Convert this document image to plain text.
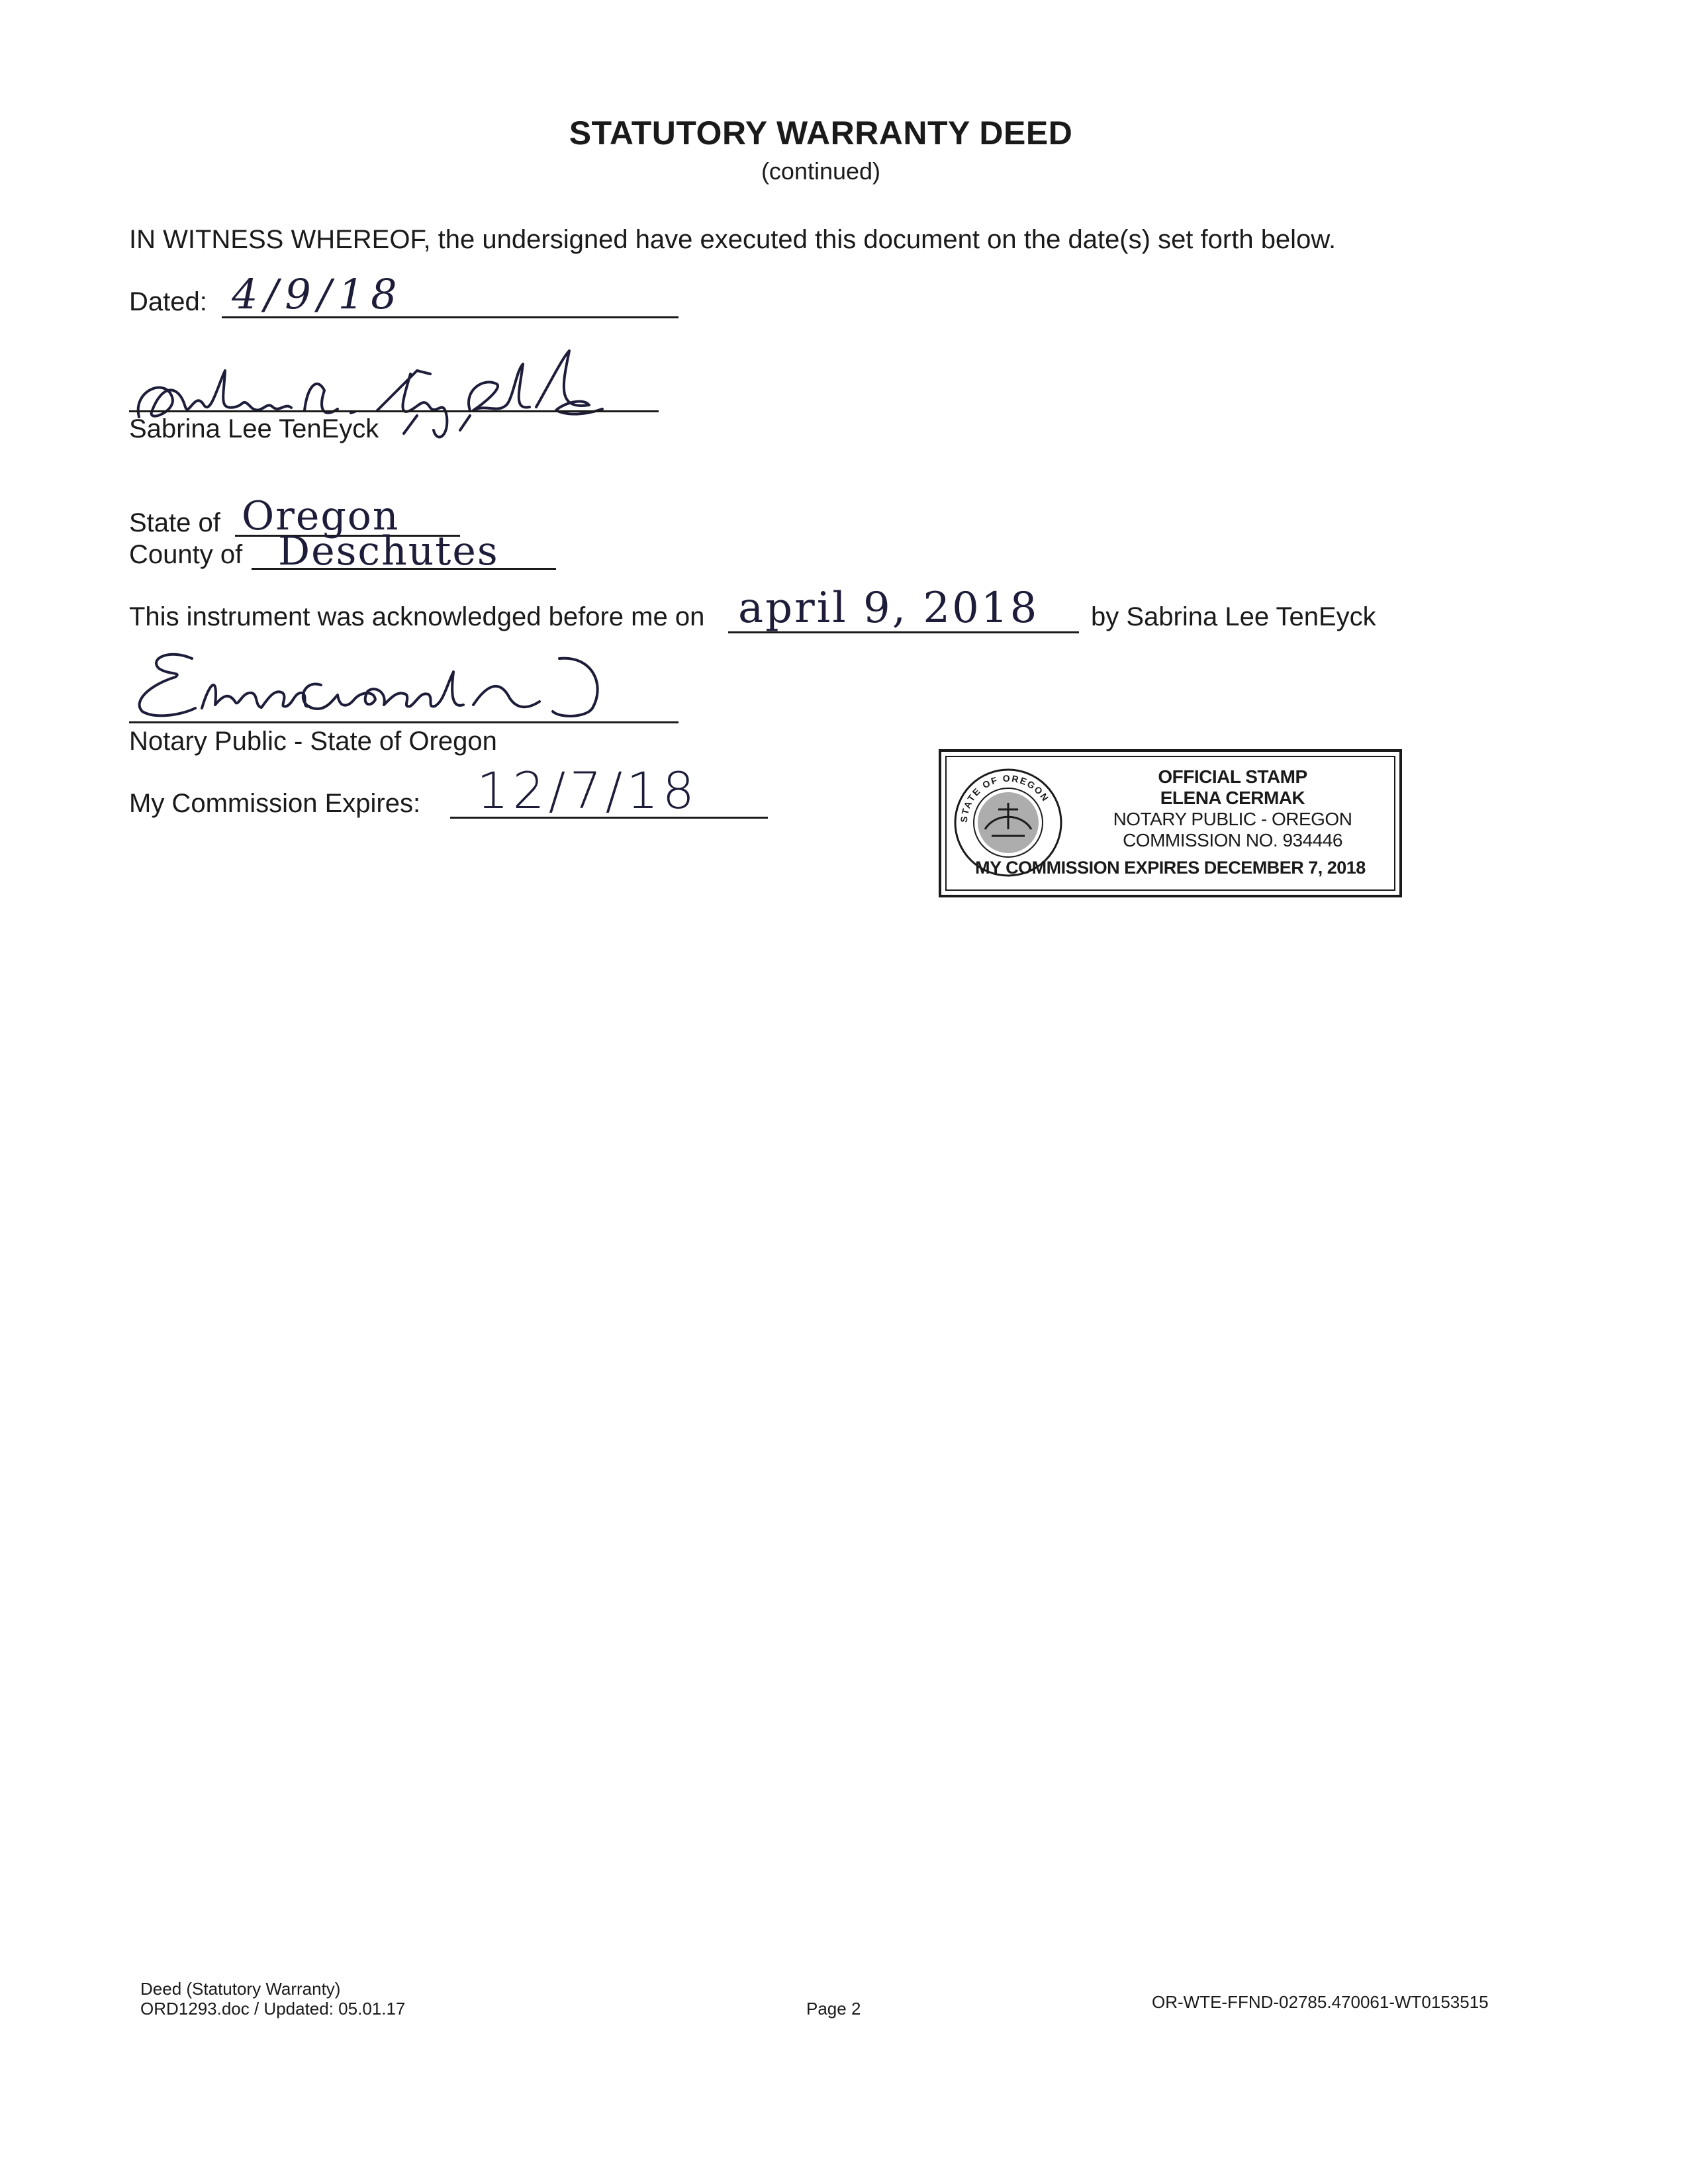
STATUTORY WARRANTY DEED
(continued)
IN WITNESS WHEREOF, the undersigned have executed this document on the date(s) set forth below.
Dated: 4/9/18
Sabrina Lee TenEyck
State of Oregon
County of Deschutes
This instrument was acknowledged before me on april 9, 2018 by Sabrina Lee TenEyck
Notary Public - State of Oregon
My Commission Expires: 12/7/18	STATE OF OREGON
OFFICIAL STAMP
ELENA CERMAK
NOTARY PUBLIC - OREGON
COMMISSION NO. 934446
MY COMMISSION EXPIRES DECEMBER 7, 2018
Deed (Statutory Warranty)
ORD1293.doc / Updated: 05.01.17	Page 2	OR-WTE-FFND-02785.470061-WT0153515
